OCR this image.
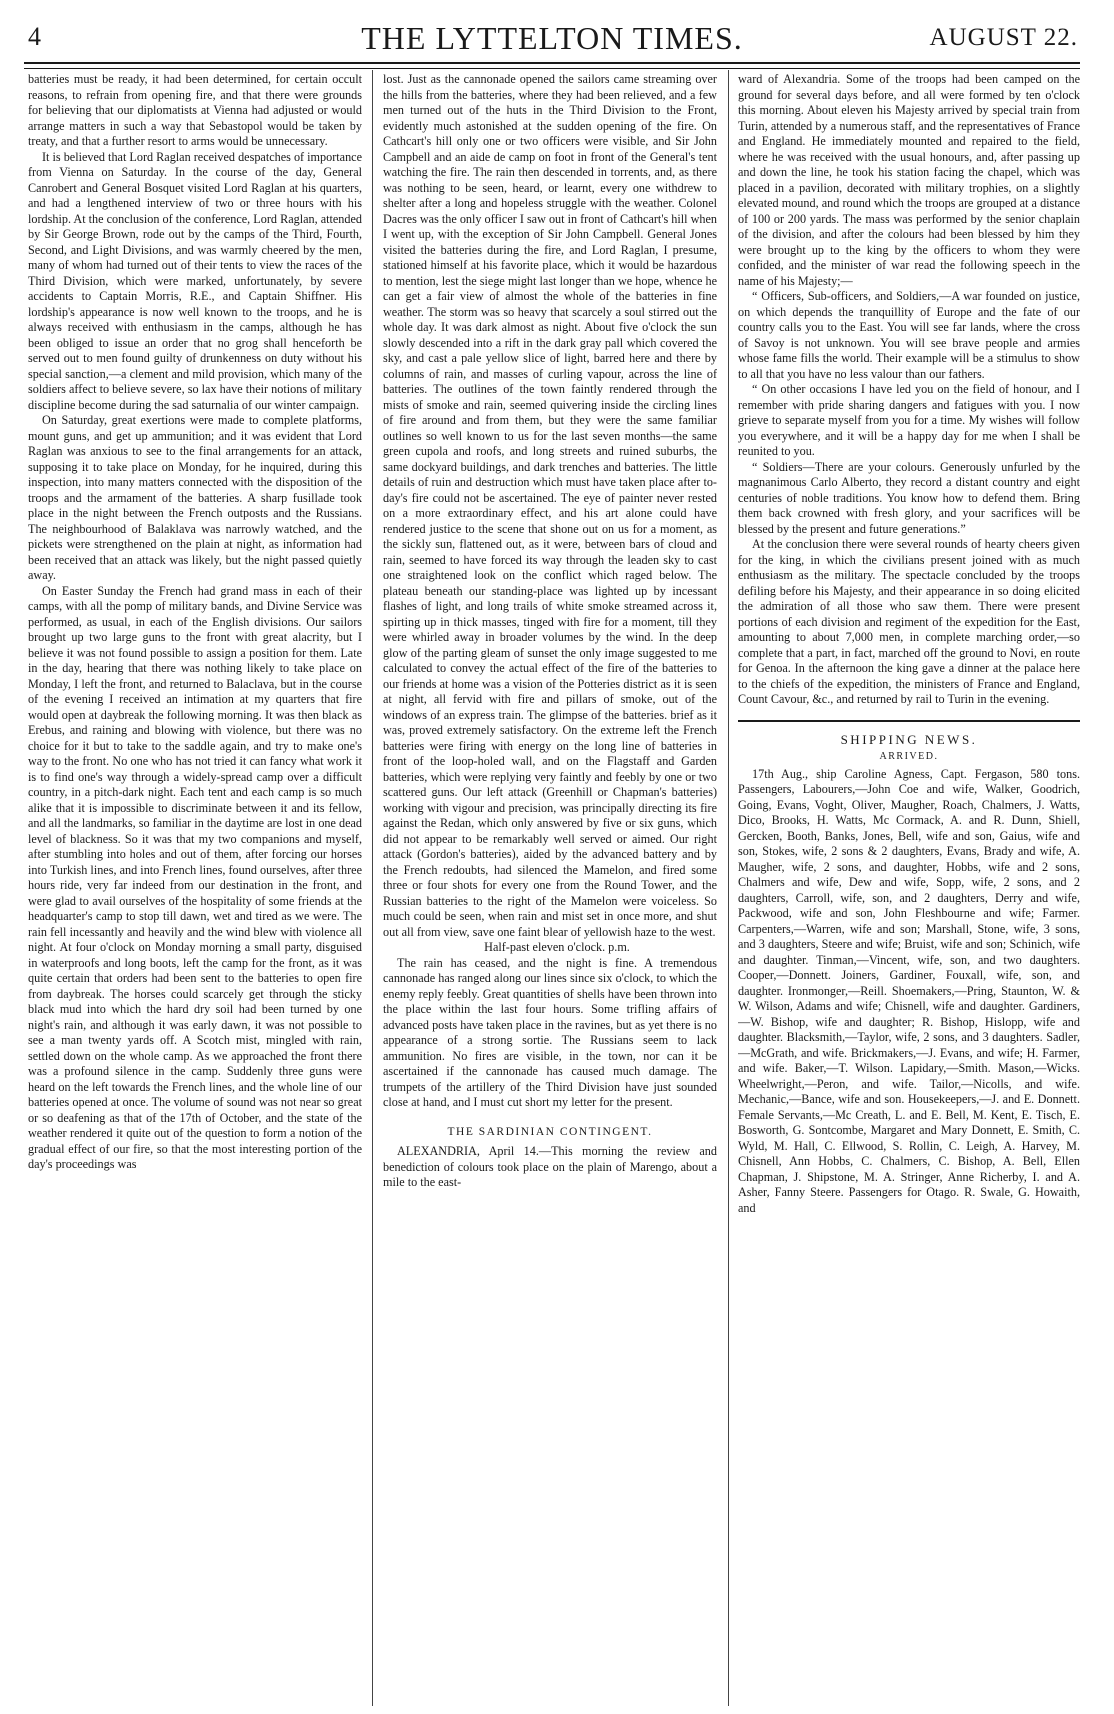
4	THE LYTTELTON TIMES.	AUGUST 22.

batteries must be ready, it had been determined, for certain occult reasons, to refrain from opening fire, and that there were grounds for believing that our diplomatists at Vienna had adjusted or would arrange matters in such a way that Sebastopol would be taken by treaty, and that a further resort to arms would be unnecessary.

It is believed that Lord Raglan received despatches of importance from Vienna on Saturday. In the course of the day, General Canrobert and General Bosquet visited Lord Raglan at his quarters, and had a lengthened interview of two or three hours with his lordship. At the conclusion of the conference, Lord Raglan, attended by Sir George Brown, rode out by the camps of the Third, Fourth, Second, and Light Divisions, and was warmly cheered by the men, many of whom had turned out of their tents to view the races of the Third Division, which were marked, unfortunately, by severe accidents to Captain Morris, R.E., and Captain Shiffner. His lordship's appearance is now well known to the troops, and he is always received with enthusiasm in the camps, although he has been obliged to issue an order that no grog shall henceforth be served out to men found guilty of drunkenness on duty without his special sanction,—a clement and mild provision, which many of the soldiers affect to believe severe, so lax have their notions of military discipline become during the sad saturnalia of our winter campaign.

On Saturday, great exertions were made to complete platforms, mount guns, and get up ammunition; and it was evident that Lord Raglan was anxious to see to the final arrangements for an attack, supposing it to take place on Monday, for he inquired, during this inspection, into many matters connected with the disposition of the troops and the armament of the batteries. A sharp fusillade took place in the night between the French outposts and the Russians. The neighbourhood of Balaklava was narrowly watched, and the pickets were strengthened on the plain at night, as information had been received that an attack was likely, but the night passed quietly away.

On Easter Sunday the French had grand mass in each of their camps, with all the pomp of military bands, and Divine Service was performed, as usual, in each of the English divisions. Our sailors brought up two large guns to the front with great alacrity, but I believe it was not found possible to assign a position for them. Late in the day, hearing that there was nothing likely to take place on Monday, I left the front, and returned to Balaclava, but in the course of the evening I received an intimation at my quarters that fire would open at daybreak the following morning. It was then black as Erebus, and raining and blowing with violence, but there was no choice for it but to take to the saddle again, and try to make one's way to the front. No one who has not tried it can fancy what work it is to find one's way through a widely-spread camp over a difficult country, in a pitch-dark night. Each tent and each camp is so much alike that it is impossible to discriminate between it and its fellow, and all the landmarks, so familiar in the daytime are lost in one dead level of blackness. So it was that my two companions and myself, after stumbling into holes and out of them, after forcing our horses into Turkish lines, and into French lines, found ourselves, after three hours ride, very far indeed from our destination in the front, and were glad to avail ourselves of the hospitality of some friends at the headquarter's camp to stop till dawn, wet and tired as we were. The rain fell incessantly and heavily and the wind blew with violence all night. At four o'clock on Monday morning a small party, disguised in waterproofs and long boots, left the camp for the front, as it was quite certain that orders had been sent to the batteries to open fire from daybreak. The horses could scarcely get through the sticky black mud into which the hard dry soil had been turned by one night's rain, and although it was early dawn, it was not possible to see a man twenty yards off. A Scotch mist, mingled with rain, settled down on the whole camp. As we approached the front there was a profound silence in the camp. Suddenly three guns were heard on the left towards the French lines, and the whole line of our batteries opened at once. The volume of sound was not near so great or so deafening as that of the 17th of October, and the state of the weather rendered it quite out of the question to form a notion of the gradual effect of our fire, so that the most interesting portion of the day's proceedings was

lost. Just as the cannonade opened the sailors came streaming over the hills from the batteries, where they had been relieved, and a few men turned out of the huts in the Third Division to the Front, evidently much astonished at the sudden opening of the fire. On Cathcart's hill only one or two officers were visible, and Sir John Campbell and an aide de camp on foot in front of the General's tent watching the fire. The rain then descended in torrents, and, as there was nothing to be seen, heard, or learnt, every one withdrew to shelter after a long and hopeless struggle with the weather. Colonel Dacres was the only officer I saw out in front of Cathcart's hill when I went up, with the exception of Sir John Campbell. General Jones visited the batteries during the fire, and Lord Raglan, I presume, stationed himself at his favorite place, which it would be hazardous to mention, lest the siege might last longer than we hope, whence he can get a fair view of almost the whole of the batteries in fine weather. The storm was so heavy that scarcely a soul stirred out the whole day. It was dark almost as night. About five o'clock the sun slowly descended into a rift in the dark gray pall which covered the sky, and cast a pale yellow slice of light, barred here and there by columns of rain, and masses of curling vapour, across the line of batteries. The outlines of the town faintly rendered through the mists of smoke and rain, seemed quivering inside the circling lines of fire around and from them, but they were the same familiar outlines so well known to us for the last seven months—the same green cupola and roofs, and long streets and ruined suburbs, the same dockyard buildings, and dark trenches and batteries. The little details of ruin and destruction which must have taken place after to-day's fire could not be ascertained. The eye of painter never rested on a more extraordinary effect, and his art alone could have rendered justice to the scene that shone out on us for a moment, as the sickly sun, flattened out, as it were, between bars of cloud and rain, seemed to have forced its way through the leaden sky to cast one straightened look on the conflict which raged below. The plateau beneath our standing-place was lighted up by incessant flashes of light, and long trails of white smoke streamed across it, spirting up in thick masses, tinged with fire for a moment, till they were whirled away in broader volumes by the wind. In the deep glow of the parting gleam of sunset the only image suggested to me calculated to convey the actual effect of the fire of the batteries to our friends at home was a vision of the Potteries district as it is seen at night, all fervid with fire and pillars of smoke, out of the windows of an express train. The glimpse of the batteries. brief as it was, proved extremely satisfactory. On the extreme left the French batteries were firing with energy on the long line of batteries in front of the loop-holed wall, and on the Flagstaff and Garden batteries, which were replying very faintly and feebly by one or two scattered guns. Our left attack (Greenhill or Chapman's batteries) working with vigour and precision, was principally directing its fire against the Redan, which only answered by five or six guns, which did not appear to be remarkably well served or aimed. Our right attack (Gordon's batteries), aided by the advanced battery and by the French redoubts, had silenced the Mamelon, and fired some three or four shots for every one from the Round Tower, and the Russian batteries to the right of the Mamelon were voiceless. So much could be seen, when rain and mist set in once more, and shut out all from view, save one faint blear of yellowish haze to the west.

Half-past eleven o'clock. p.m.

The rain has ceased, and the night is fine. A tremendous cannonade has ranged along our lines since six o'clock, to which the enemy reply feebly. Great quantities of shells have been thrown into the place within the last four hours. Some trifling affairs of advanced posts have taken place in the ravines, but as yet there is no appearance of a strong sortie. The Russians seem to lack ammunition. No fires are visible, in the town, nor can it be ascertained if the cannonade has caused much damage. The trumpets of the artillery of the Third Division have just sounded close at hand, and I must cut short my letter for the present.

THE SARDINIAN CONTINGENT.

ALEXANDRIA, April 14.—This morning the review and benediction of colours took place on the plain of Marengo, about a mile to the east-

ward of Alexandria. Some of the troops had been camped on the ground for several days before, and all were formed by ten o'clock this morning. About eleven his Majesty arrived by special train from Turin, attended by a numerous staff, and the representatives of France and England. He immediately mounted and repaired to the field, where he was received with the usual honours, and, after passing up and down the line, he took his station facing the chapel, which was placed in a pavilion, decorated with military trophies, on a slightly elevated mound, and round which the troops are grouped at a distance of 100 or 200 yards. The mass was performed by the senior chaplain of the division, and after the colours had been blessed by him they were brought up to the king by the officers to whom they were confided, and the minister of war read the following speech in the name of his Majesty;—

“ Officers, Sub-officers, and Soldiers,—A war founded on justice, on which depends the tranquillity of Europe and the fate of our country calls you to the East. You will see far lands, where the cross of Savoy is not unknown. You will see brave people and armies whose fame fills the world. Their example will be a stimulus to show to all that you have no less valour than our fathers.

“ On other occasions I have led you on the field of honour, and I remember with pride sharing dangers and fatigues with you. I now grieve to separate myself from you for a time. My wishes will follow you everywhere, and it will be a happy day for me when I shall be reunited to you.

“ Soldiers—There are your colours. Generously unfurled by the magnanimous Carlo Alberto, they record a distant country and eight centuries of noble traditions. You know how to defend them. Bring them back crowned with fresh glory, and your sacrifices will be blessed by the present and future generations.”

At the conclusion there were several rounds of hearty cheers given for the king, in which the civilians present joined with as much enthusiasm as the military. The spectacle concluded by the troops defiling before his Majesty, and their appearance in so doing elicited the admiration of all those who saw them. There were present portions of each division and regiment of the expedition for the East, amounting to about 7,000 men, in complete marching order,—so complete that a part, in fact, marched off the ground to Novi, en route for Genoa. In the afternoon the king gave a dinner at the palace here to the chiefs of the expedition, the ministers of France and England, Count Cavour, &c., and returned by rail to Turin in the evening.

SHIPPING NEWS.
ARRIVED.

17th Aug., ship Caroline Agness, Capt. Fergason, 580 tons. Passengers, Labourers,—John Coe and wife, Walker, Goodrich, Going, Evans, Voght, Oliver, Maugher, Roach, Chalmers, J. Watts, Dico, Brooks, H. Watts, Mc Cormack, A. and R. Dunn, Shiell, Gercken, Booth, Banks, Jones, Bell, wife and son, Gaius, wife and son, Stokes, wife, 2 sons & 2 daughters, Evans, Brady and wife, A. Maugher, wife, 2 sons, and daughter, Hobbs, wife and 2 sons, Chalmers and wife, Dew and wife, Sopp, wife, 2 sons, and 2 daughters, Carroll, wife, son, and 2 daughters, Derry and wife, Packwood, wife and son, John Fleshbourne and wife; Farmer. Carpenters,—Warren, wife and son; Marshall, Stone, wife, 3 sons, and 3 daughters, Steere and wife; Bruist, wife and son; Schinich, wife and daughter. Tinman,—Vincent, wife, son, and two daughters. Cooper,—Donnett. Joiners, Gardiner, Fouxall, wife, son, and daughter. Ironmonger,—Reill. Shoemakers,—Pring, Staunton, W. & W. Wilson, Adams and wife; Chisnell, wife and daughter. Gardiners,—W. Bishop, wife and daughter; R. Bishop, Hislopp, wife and daughter. Blacksmith,—Taylor, wife, 2 sons, and 3 daughters. Sadler,—McGrath, and wife. Brickmakers,—J. Evans, and wife; H. Farmer, and wife. Baker,—T. Wilson. Lapidary,—Smith. Mason,—Wicks. Wheelwright,—Peron, and wife. Tailor,—Nicolls, and wife. Mechanic,—Bance, wife and son. Housekeepers,—J. and E. Donnett. Female Servants,—Mc Creath, L. and E. Bell, M. Kent, E. Tisch, E. Bosworth, G. Sontcombe, Margaret and Mary Donnett, E. Smith, C. Wyld, M. Hall, C. Ellwood, S. Rollin, C. Leigh, A. Harvey, M. Chisnell, Ann Hobbs, C. Chalmers, C. Bishop, A. Bell, Ellen Chapman, J. Shipstone, M. A. Stringer, Anne Richerby, I. and A. Asher, Fanny Steere. Passengers for Otago. R. Swale, G. Howaith, and
